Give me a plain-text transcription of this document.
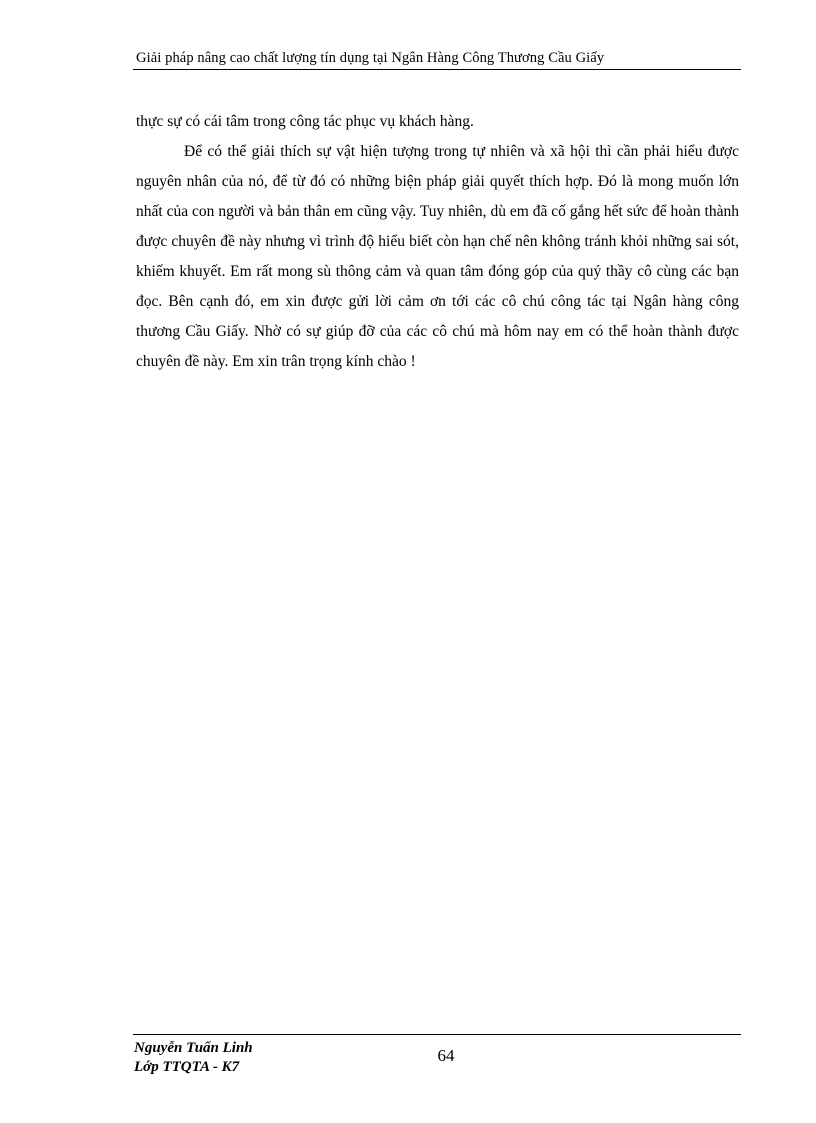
Giải pháp nâng cao chất lượng tín dụng tại Ngân Hàng Công Thương Cầu Giấy

thực sự có cái tâm trong công tác phục vụ khách hàng.

Để có thể giải thích sự vật hiện tượng trong tự nhiên và xã hội thì cần phải hiểu được nguyên nhân của nó, để từ đó có những biện pháp giải quyết thích hợp. Đó là mong muốn lớn nhất của con người và bản thân em cũng vậy. Tuy nhiên, dù em đã cố gắng hết sức để hoàn thành được chuyên đề này nhưng vì trình độ hiểu biết còn hạn chế nên không tránh khỏi những sai sót, khiếm khuyết. Em rất mong sù thông cảm và quan tâm đóng góp của quý thầy cô cùng các bạn đọc. Bên cạnh đó, em xin được gửi lời cảm ơn tới các cô chú công tác tại Ngân hàng công thương Cầu Giấy. Nhờ có sự giúp đỡ của các cô chú mà hôm nay em có thể hoàn thành được chuyên đề này. Em xin trân trọng kính chào !

Nguyễn Tuấn Linh
Lớp TTQTA - K7
64
